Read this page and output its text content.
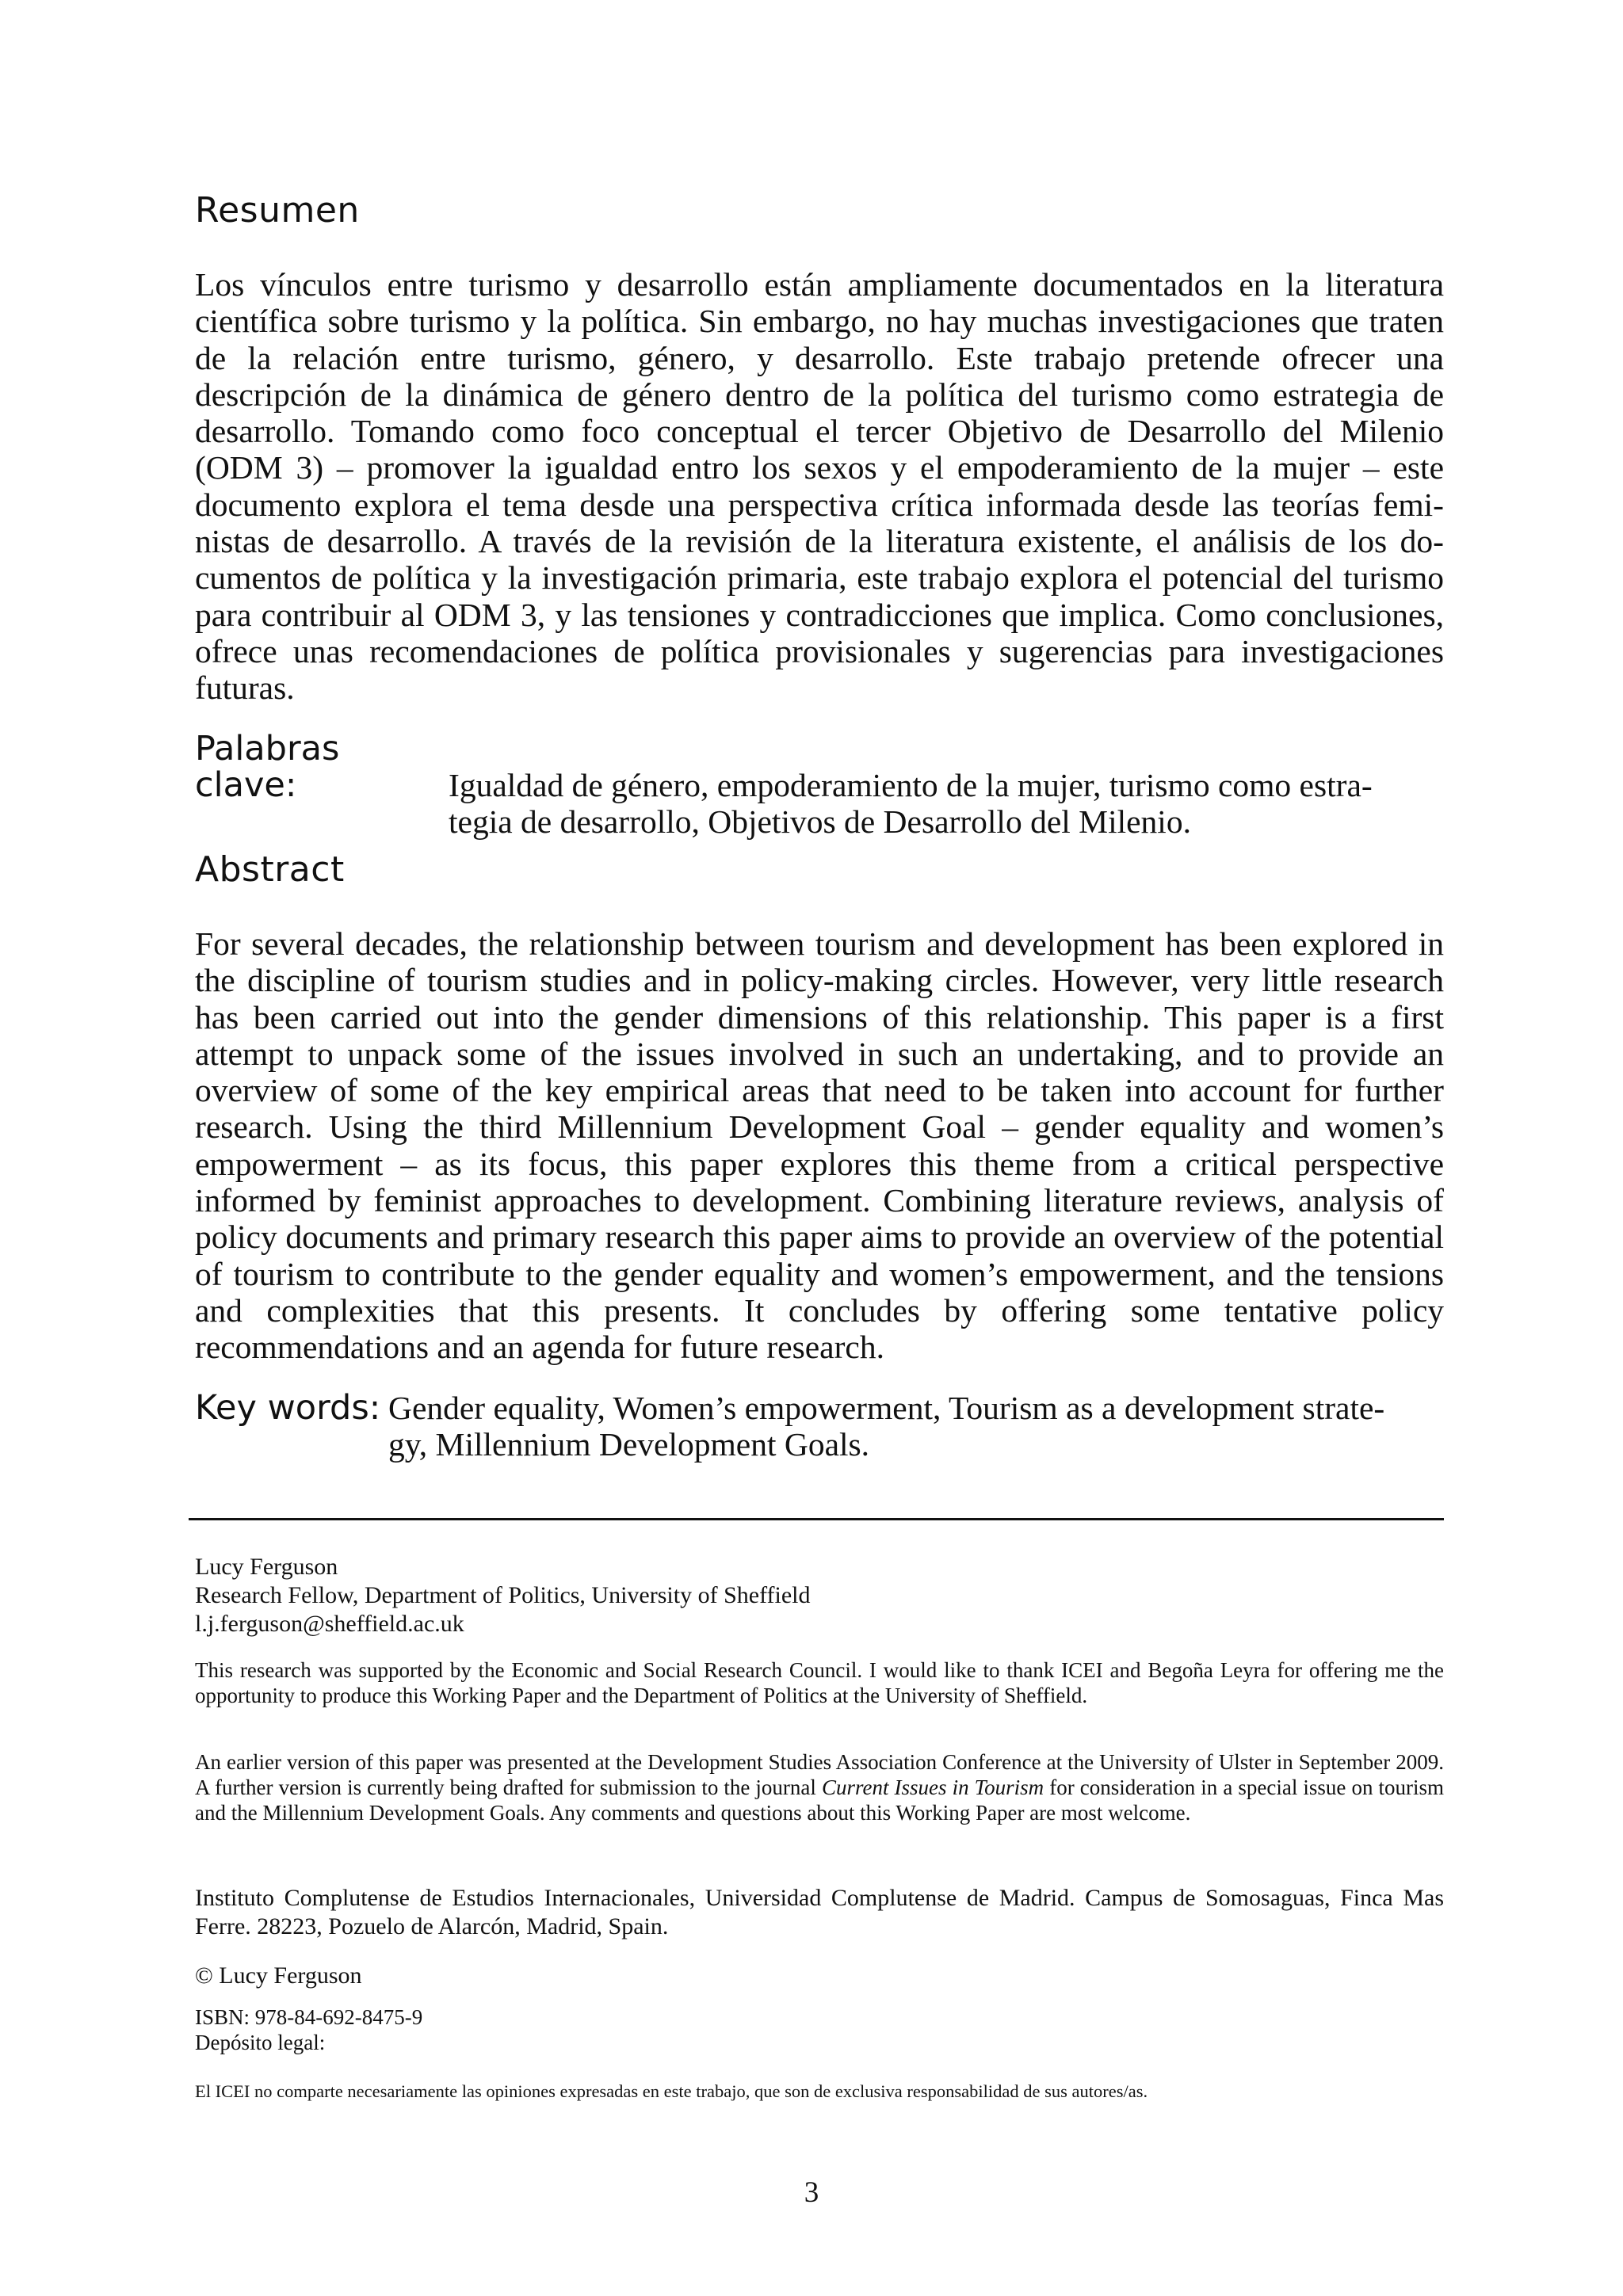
Resumen

Los vínculos entre turismo y desarrollo están ampliamente documentados en la literatura científica sobre turismo y la política. Sin embargo, no hay muchas investigaciones que traten de la relación entre turismo, género, y desarrollo. Este trabajo pretende ofrecer una descripción de la dinámica de género dentro de la política del turismo como estrategia de desarrollo. Tomando como foco conceptual el tercer Objetivo de Desarrollo del Milenio (ODM 3) – promover la igualdad entro los sexos y el empoderamiento de la mujer – este documento explora el tema desde una perspectiva crítica informada desde las teorías feministas de desarrollo. A través de la revisión de la literatura existente, el análisis de los documentos de política y la investigación primaria, este trabajo explora el potencial del turismo para contribuir al ODM 3, y las tensiones y contradicciones que implica. Como conclusiones, ofrece unas recomendaciones de política provisionales y sugerencias para investigaciones futuras.

Palabras clave:	Igualdad de género, empoderamiento de la mujer, turismo como estra-
tegia de desarrollo, Objetivos de Desarrollo del Milenio.
Abstract

For several decades, the relationship between tourism and development has been explored in the discipline of tourism studies and in policy-making circles. However, very little research has been carried out into the gender dimensions of this relationship. This paper is a first attempt to unpack some of the issues involved in such an undertaking, and to provide an overview of some of the key empirical areas that need to be taken into account for further research. Using the third Millennium Development Goal – gender equality and women’s empowerment – as its focus, this paper explores this theme from a critical perspective informed by feminist approaches to development. Combining literature reviews, analysis of policy documents and primary research this paper aims to provide an overview of the potential of tourism to contribute to the gender equality and women’s empowerment, and the tensions and complexities that this presents. It concludes by offering some tentative policy recommendations and an agenda for future research.

Key words: Gender equality, Women’s empowerment, Tourism as a development strate-
gy, Millennium Development Goals.
Lucy Ferguson
Research Fellow, Department of Politics, University of Sheffield
l.j.ferguson@sheffield.ac.uk

This research was supported by the Economic and Social Research Council. I would like to thank ICEI and Begoña Leyra for offering me the opportunity to produce this Working Paper and the Department of Politics at the University of Sheffield.

An earlier version of this paper was presented at the Development Studies Association Conference at the University of Ulster in September 2009. A further version is currently being drafted for submission to the journal Current Issues in Tourism for consideration in a special issue on tourism and the Millennium Development Goals. Any comments and questions about this Working Paper are most welcome.

Instituto Complutense de Estudios Internacionales, Universidad Complutense de Madrid. Campus de Somosaguas, Finca Mas Ferre. 28223, Pozuelo de Alarcón, Madrid, Spain.

© Lucy Ferguson

ISBN: 978-84-692-8475-9
Depósito legal:

El ICEI no comparte necesariamente las opiniones expresadas en este trabajo, que son de exclusiva responsabilidad de sus autores/as.

3
